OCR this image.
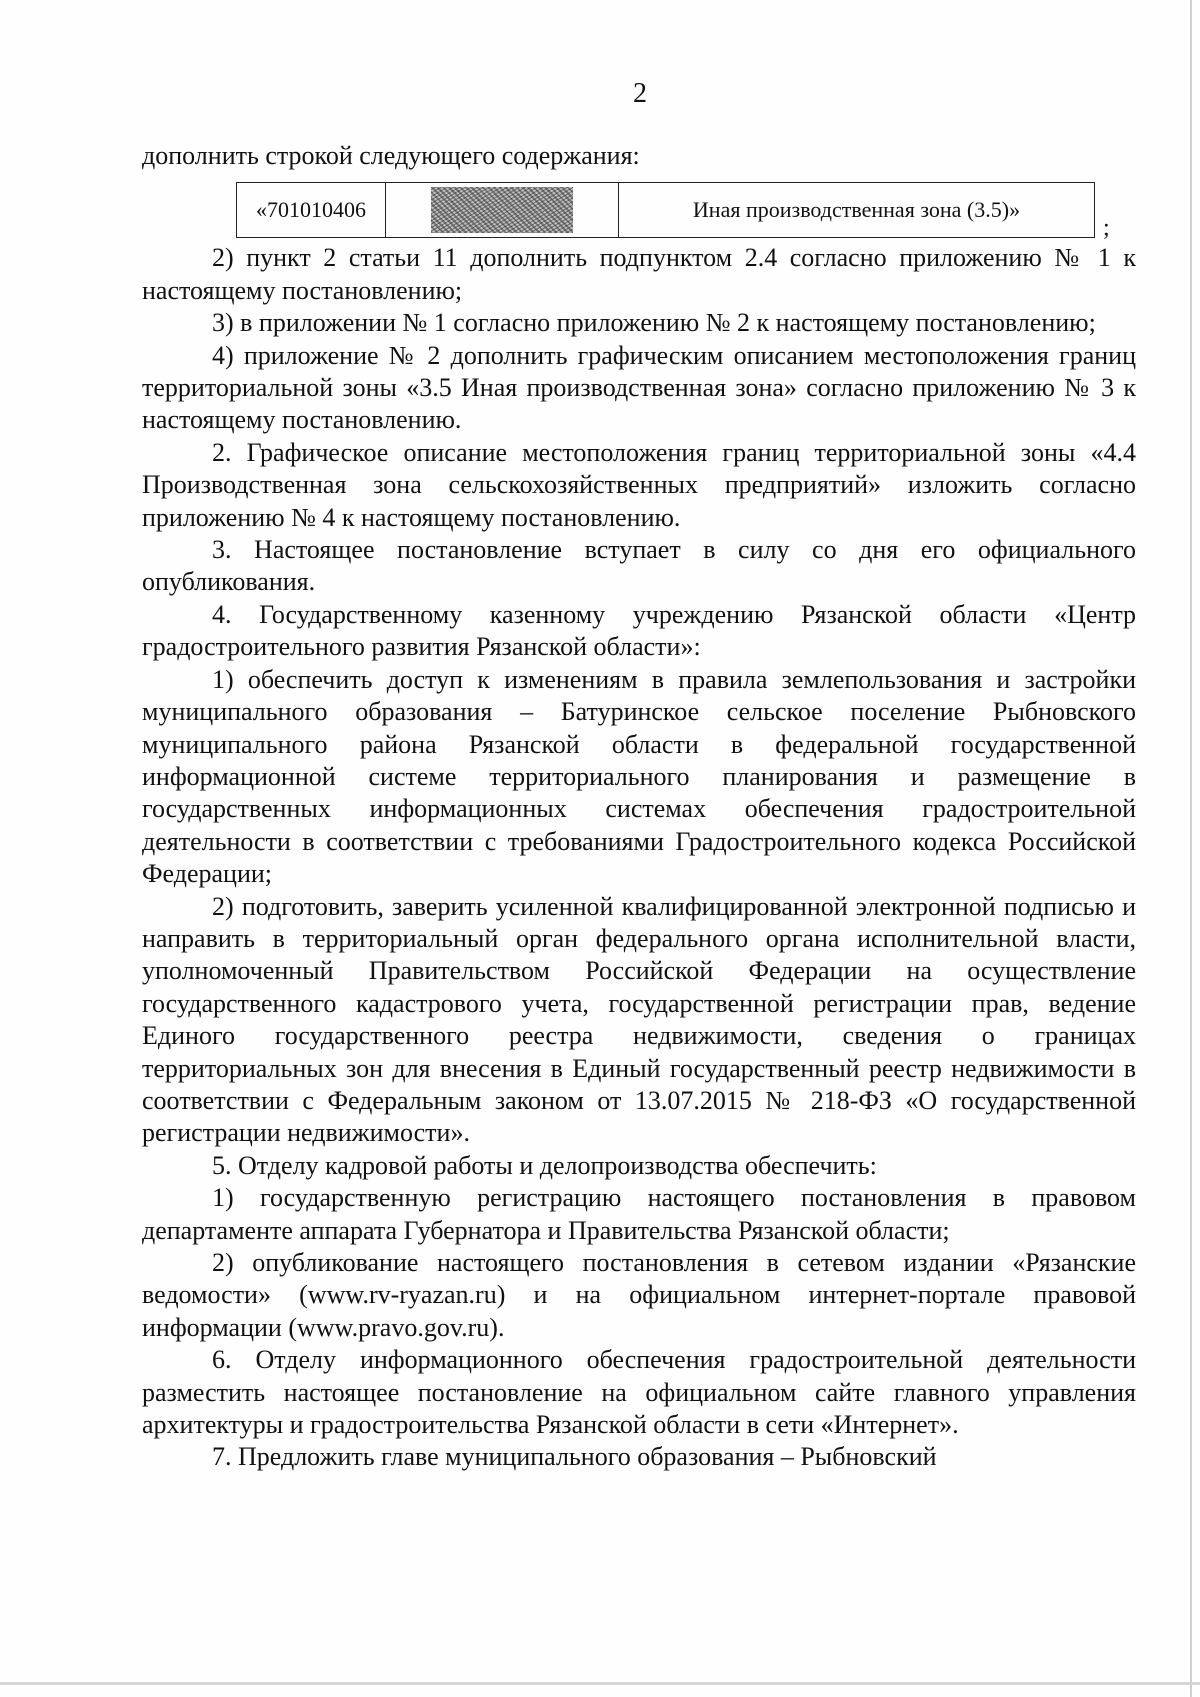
2

дополнить строкой следующего содержания:

«701010406		Иная производственная зона (3.5)»
;

2) пункт 2 статьи 11 дополнить подпунктом 2.4 согласно приложению № 1 к настоящему постановлению;

3) в приложении № 1 согласно приложению № 2 к настоящему постановлению;

4) приложение № 2 дополнить графическим описанием местоположения границ территориальной зоны «3.5 Иная производственная зона» согласно приложению № 3 к настоящему постановлению.

2. Графическое описание местоположения границ территориальной зоны «4.4 Производственная зона сельскохозяйственных предприятий» изложить согласно приложению № 4 к настоящему постановлению.

3. Настоящее постановление вступает в силу со дня его официального опубликования.

4. Государственному казенному учреждению Рязанской области «Центр градостроительного развития Рязанской области»:

1) обеспечить доступ к изменениям в правила землепользования и застройки муниципального образования – Батуринское сельское поселение Рыбновского муниципального района Рязанской области в федеральной государственной информационной системе территориального планирования и размещение в государственных информационных системах обеспечения градостроительной деятельности в соответствии с требованиями Градостроительного кодекса Российской Федерации;

2) подготовить, заверить усиленной квалифицированной электронной подписью и направить в территориальный орган федерального органа исполнительной власти, уполномоченный Правительством Российской Федерации на осуществление государственного кадастрового учета, государственной регистрации прав, ведение Единого государственного реестра недвижимости, сведения о границах территориальных зон для внесения в Единый государственный реестр недвижимости в соответствии с Федеральным законом от 13.07.2015 № 218-ФЗ «О государственной регистрации недвижимости».

5. Отделу кадровой работы и делопроизводства обеспечить:

1) государственную регистрацию настоящего постановления в правовом департаменте аппарата Губернатора и Правительства Рязанской области;

2) опубликование настоящего постановления в сетевом издании «Рязанские ведомости» (www.rv-ryazan.ru) и на официальном интернет-портале правовой информации (www.pravo.gov.ru).

6. Отделу информационного обеспечения градостроительной деятельности разместить настоящее постановление на официальном сайте главного управления архитектуры и градостроительства Рязанской области в сети «Интернет».

7. Предложить главе муниципального образования – Рыбновский
